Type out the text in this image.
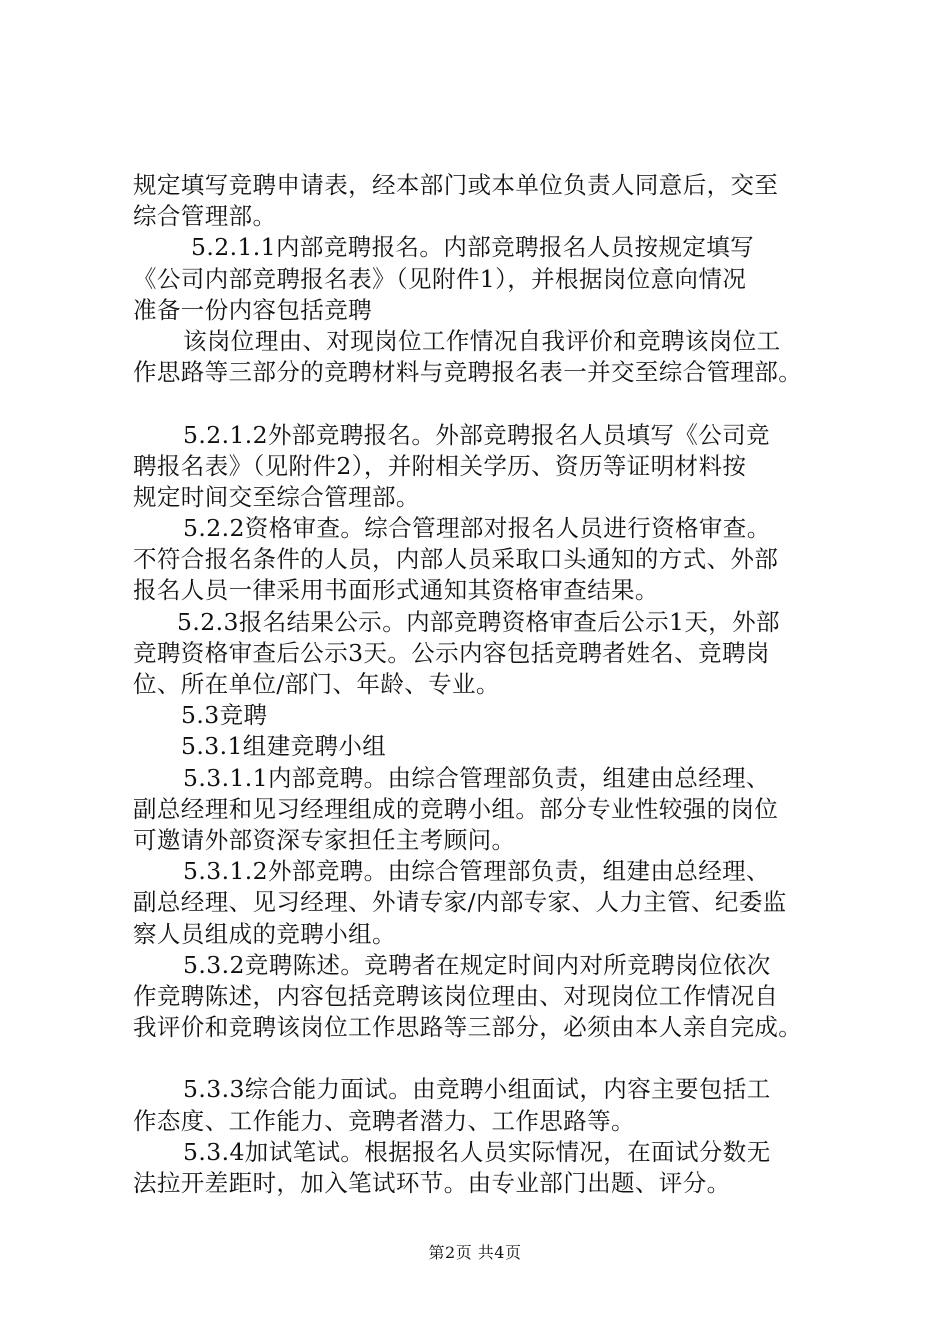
规定填写竞聘申请表，经本部门或本单位负责人同意后，交至
综合管理部。
5.2.1.1内部竞聘报名。内部竞聘报名人员按规定填写
《公司内部竞聘报名表》（见附件1），并根据岗位意向情况
准备一份内容包括竞聘
该岗位理由、对现岗位工作情况自我评价和竞聘该岗位工
作思路等三部分的竞聘材料与竞聘报名表一并交至综合管理部。
5.2.1.2外部竞聘报名。外部竞聘报名人员填写《公司竞
聘报名表》（见附件2），并附相关学历、资历等证明材料按
规定时间交至综合管理部。
5.2.2资格审查。综合管理部对报名人员进行资格审查。
不符合报名条件的人员，内部人员采取口头通知的方式、外部
报名人员一律采用书面形式通知其资格审查结果。
5.2.3报名结果公示。内部竞聘资格审查后公示1天，外部
竞聘资格审查后公示3天。公示内容包括竞聘者姓名、竞聘岗
位、所在单位/部门、年龄、专业。
5.3竞聘
5.3.1组建竞聘小组
5.3.1.1内部竞聘。由综合管理部负责，组建由总经理、
副总经理和见习经理组成的竞聘小组。部分专业性较强的岗位
可邀请外部资深专家担任主考顾问。
5.3.1.2外部竞聘。由综合管理部负责，组建由总经理、
副总经理、见习经理、外请专家/内部专家、人力主管、纪委监
察人员组成的竞聘小组。
5.3.2竞聘陈述。竞聘者在规定时间内对所竞聘岗位依次
作竞聘陈述，内容包括竞聘该岗位理由、对现岗位工作情况自
我评价和竞聘该岗位工作思路等三部分，必须由本人亲自完成。
5.3.3综合能力面试。由竞聘小组面试，内容主要包括工
作态度、工作能力、竞聘者潜力、工作思路等。
5.3.4加试笔试。根据报名人员实际情况，在面试分数无
法拉开差距时，加入笔试环节。由专业部门出题、评分。
第2页 共4页
